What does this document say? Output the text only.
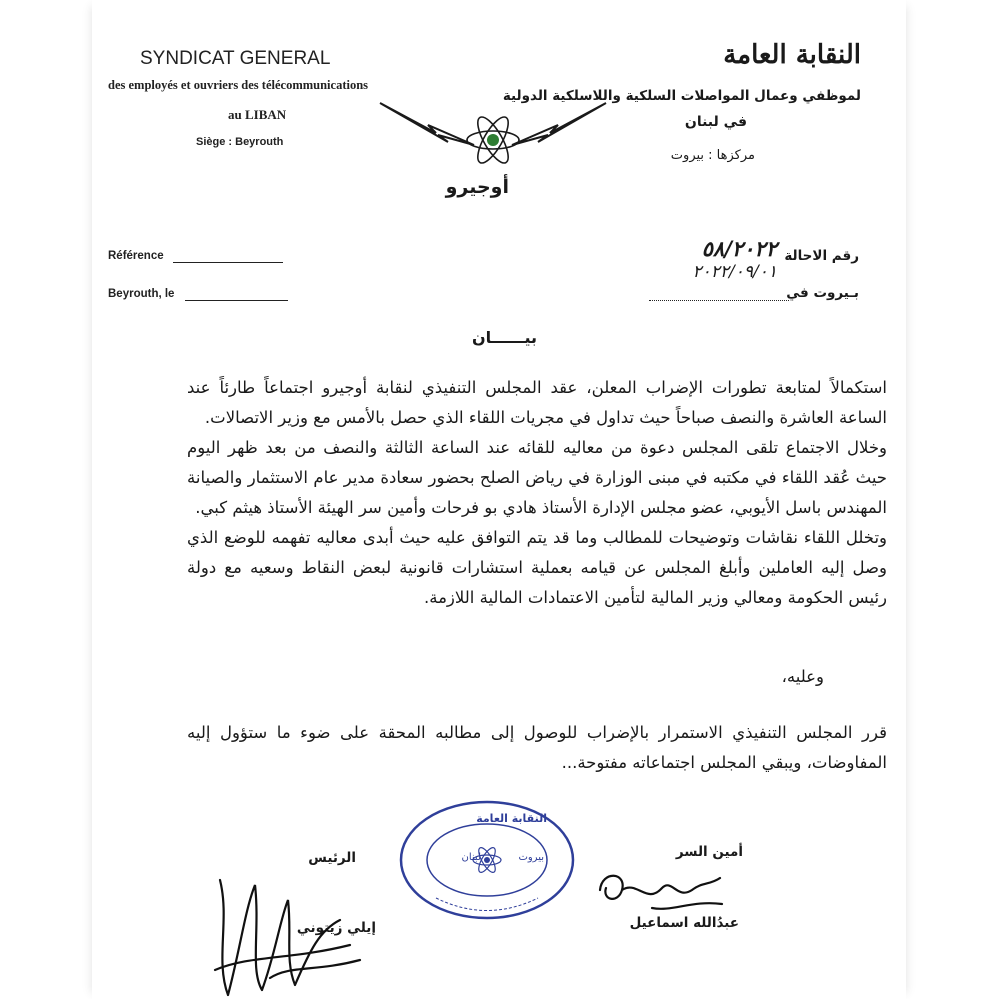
SYNDICAT GENERAL
des employés et ouvriers des télécommunications
au LIBAN
Siège : Beyrouth
النقابة العامة
لموظفي وعمال المواصلات السلكية واللاسلكية الدولية
في لبنان
مركزها : بيروت
أوجيرو
Référence
Beyrouth, le
رقم الاحالة
٥٨/٢٠٢٢
٢٠٢٢/٠٩/٠١
بـيروت في
بيــــــان

استكمالاً لمتابعة تطورات الإضراب المعلن، عقد المجلس التنفيذي لنقابة أوجيرو اجتماعاً طارئاً عند الساعة العاشرة والنصف صباحاً حيث تداول في مجريات اللقاء الذي حصل بالأمس مع وزير الاتصالات.

وخلال الاجتماع تلقى المجلس دعوة من معاليه للقائه عند الساعة الثالثة والنصف من بعد ظهر اليوم حيث عُقد اللقاء في مكتبه في مبنى الوزارة في رياض الصلح بحضور سعادة مدير عام الاستثمار والصيانة المهندس باسل الأيوبي، عضو مجلس الإدارة الأستاذ هادي بو فرحات وأمين سر الهيئة الأستاذ هيثم كبي.

وتخلل اللقاء نقاشات وتوضيحات للمطالب وما قد يتم التوافق عليه حيث أبدى معاليه تفهمه للوضع الذي وصل إليه العاملين وأبلغ المجلس عن قيامه بعملية استشارات قانونية لبعض النقاط وسعيه مع دولة رئيس الحكومة ومعالي وزير المالية لتأمين الاعتمادات المالية اللازمة.

وعليه،
قرر المجلس التنفيذي الاستمرار بالإضراب للوصول إلى مطالبه المحقة على ضوء ما ستؤول إليه المفاوضات، ويبقي المجلس اجتماعاته مفتوحة...
النقابة العامة
بيروت
لبنان
الرئيس
إيلي زيتوني
أمين السر
عبدُالله اسماعيل
